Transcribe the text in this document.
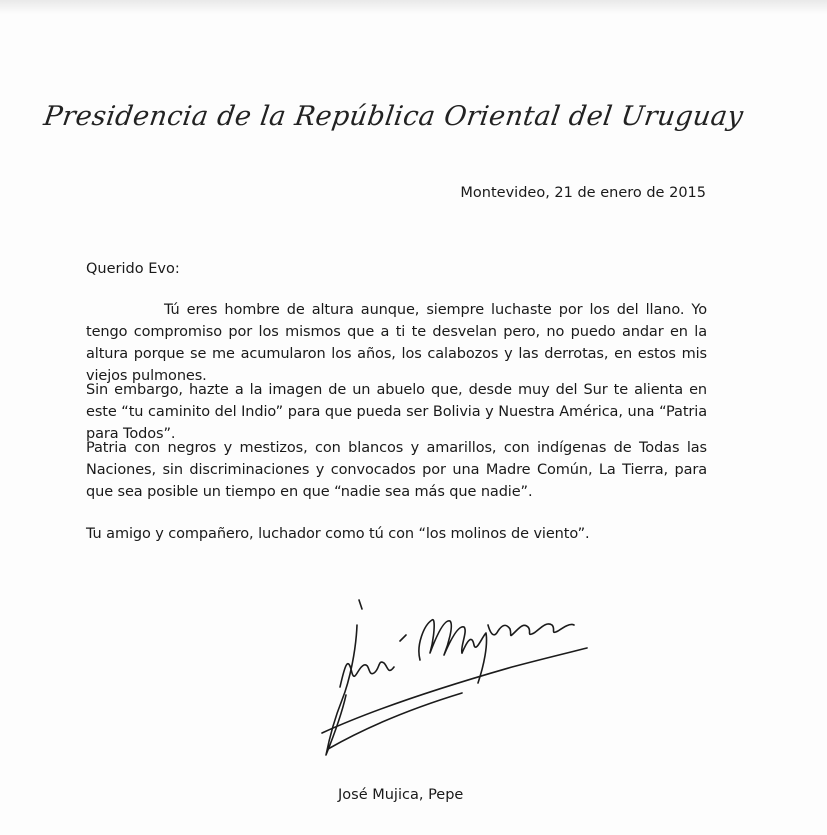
Presidencia de la República Oriental del Uruguay
Montevideo, 21 de enero de 2015
Querido Evo:
Tú eres hombre de altura aunque, siempre luchaste por los del llano. Yo tengo compromiso por los mismos que a ti te desvelan pero, no puedo andar en la altura porque se me acumularon los años, los calabozos y las derrotas, en estos mis viejos pulmones.
Sin embargo, hazte a la imagen de un abuelo que, desde muy del Sur te alienta en este “tu caminito del Indio” para que pueda ser Bolivia y Nuestra América, una “Patria para Todos”.
Patria con negros y mestizos, con blancos y amarillos, con indígenas de Todas las Naciones, sin discriminaciones y convocados por una Madre Común, La Tierra, para que sea posible un tiempo en que “nadie sea más que nadie”.
Tu amigo y compañero, luchador como tú con “los molinos de viento”.
José Mujica, Pepe
